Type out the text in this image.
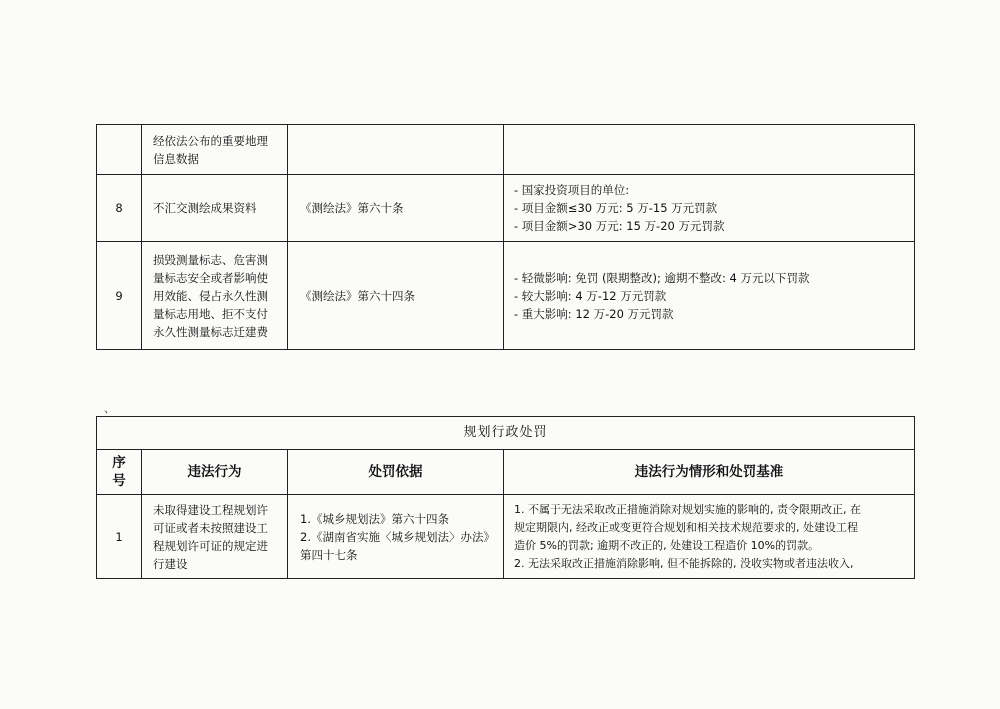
	经依法公布的重要地理
信息数据		

8	不汇交测绘成果资料	《测绘法》第六十条	- 国家投资项目的单位:
- 项目金额≤30 万元: 5 万-15 万元罚款
- 项目金额>30 万元: 15 万-20 万元罚款

9	损毁测量标志、危害测
量标志安全或者影响使
用效能、侵占永久性测
量标志用地、拒不支付
永久性测量标志迁建费	《测绘法》第六十四条	- 轻微影响: 免罚 (限期整改); 逾期不整改: 4 万元以下罚款
- 较大影响: 4 万-12 万元罚款
- 重大影响: 12 万-20 万元罚款
、
规划行政处罚			

序
号	违法行为	处罚依据	违法行为情形和处罚基准
1	未取得建设工程规划许
可证或者未按照建设工
程规划许可证的规定进
行建设	1.《城乡规划法》第六十四条
2.《湖南省实施〈城乡规划法〉办法》
第四十七条	1. 不属于无法采取改正措施消除对规划实施的影响的, 责令限期改正, 在
规定期限内, 经改正或变更符合规划和相关技术规范要求的, 处建设工程
造价 5%的罚款; 逾期不改正的, 处建设工程造价 10%的罚款。
2. 无法采取改正措施消除影响, 但不能拆除的, 没收实物或者违法收入,
